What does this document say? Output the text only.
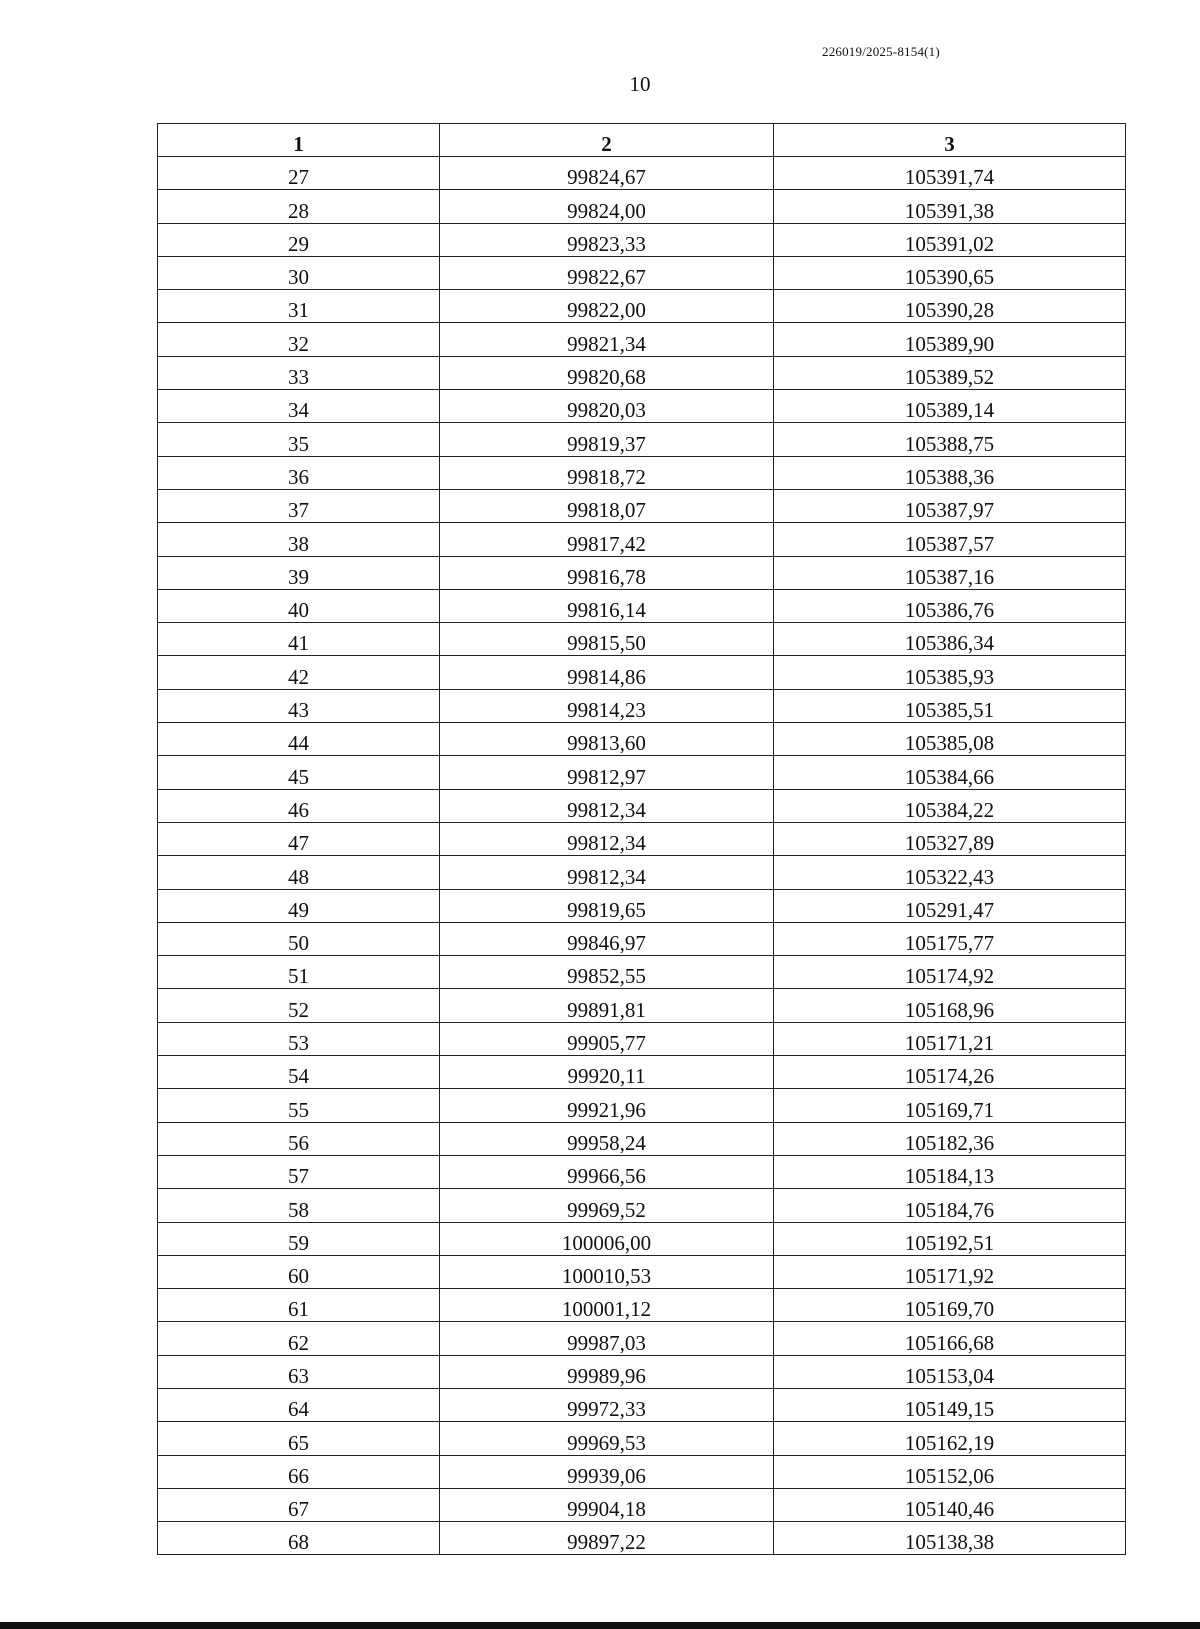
226019/2025-8154(1)
10
1	2	3
27	99824,67	105391,74
28	99824,00	105391,38
29	99823,33	105391,02
30	99822,67	105390,65
31	99822,00	105390,28
32	99821,34	105389,90
33	99820,68	105389,52
34	99820,03	105389,14
35	99819,37	105388,75
36	99818,72	105388,36
37	99818,07	105387,97
38	99817,42	105387,57
39	99816,78	105387,16
40	99816,14	105386,76
41	99815,50	105386,34
42	99814,86	105385,93
43	99814,23	105385,51
44	99813,60	105385,08
45	99812,97	105384,66
46	99812,34	105384,22
47	99812,34	105327,89
48	99812,34	105322,43
49	99819,65	105291,47
50	99846,97	105175,77
51	99852,55	105174,92
52	99891,81	105168,96
53	99905,77	105171,21
54	99920,11	105174,26
55	99921,96	105169,71
56	99958,24	105182,36
57	99966,56	105184,13
58	99969,52	105184,76
59	100006,00	105192,51
60	100010,53	105171,92
61	100001,12	105169,70
62	99987,03	105166,68
63	99989,96	105153,04
64	99972,33	105149,15
65	99969,53	105162,19
66	99939,06	105152,06
67	99904,18	105140,46
68	99897,22	105138,38
